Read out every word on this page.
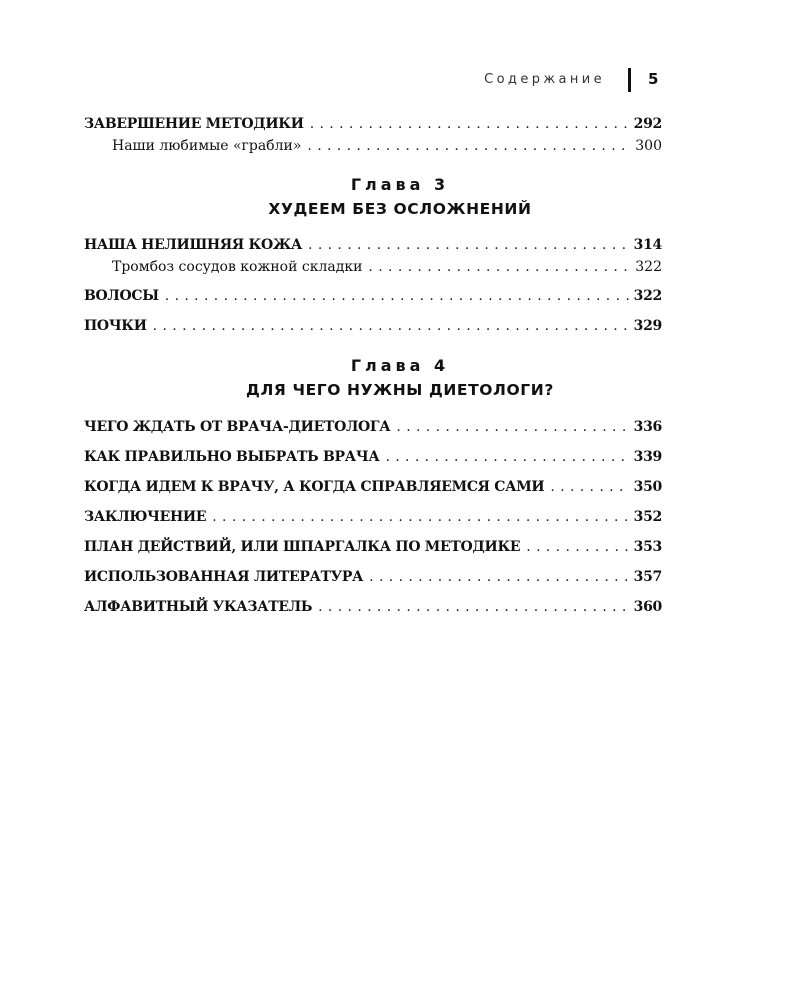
Содержание	5
ЗАВЕРШЕНИЕ МЕТОДИКИ . . .	292
Наши любимые «грабли» . . .	300
Глава 3
ХУДЕЕМ БЕЗ ОСЛОЖНЕНИЙ
НАША НЕЛИШНЯЯ КОЖА . . .	314
Тромбоз сосудов кожной складки . . .	322
ВОЛОСЫ . . .	322
ПОЧКИ . . .	329
Глава 4
ДЛЯ ЧЕГО НУЖНЫ ДИЕТОЛОГИ?
ЧЕГО ЖДАТЬ ОТ ВРАЧА-ДИЕТОЛОГА . . .	336
КАК ПРАВИЛЬНО ВЫБРАТЬ ВРАЧА . . .	339
КОГДА ИДЕМ К ВРАЧУ, А КОГДА СПРАВЛЯЕМСЯ САМИ . . .	350
ЗАКЛЮЧЕНИЕ . . .	352
ПЛАН ДЕЙСТВИЙ, ИЛИ ШПАРГАЛКА ПО МЕТОДИКЕ . . .	353
ИСПОЛЬЗОВАННАЯ ЛИТЕРАТУРА . . .	357
АЛФАВИТНЫЙ УКАЗАТЕЛЬ . . .	360
